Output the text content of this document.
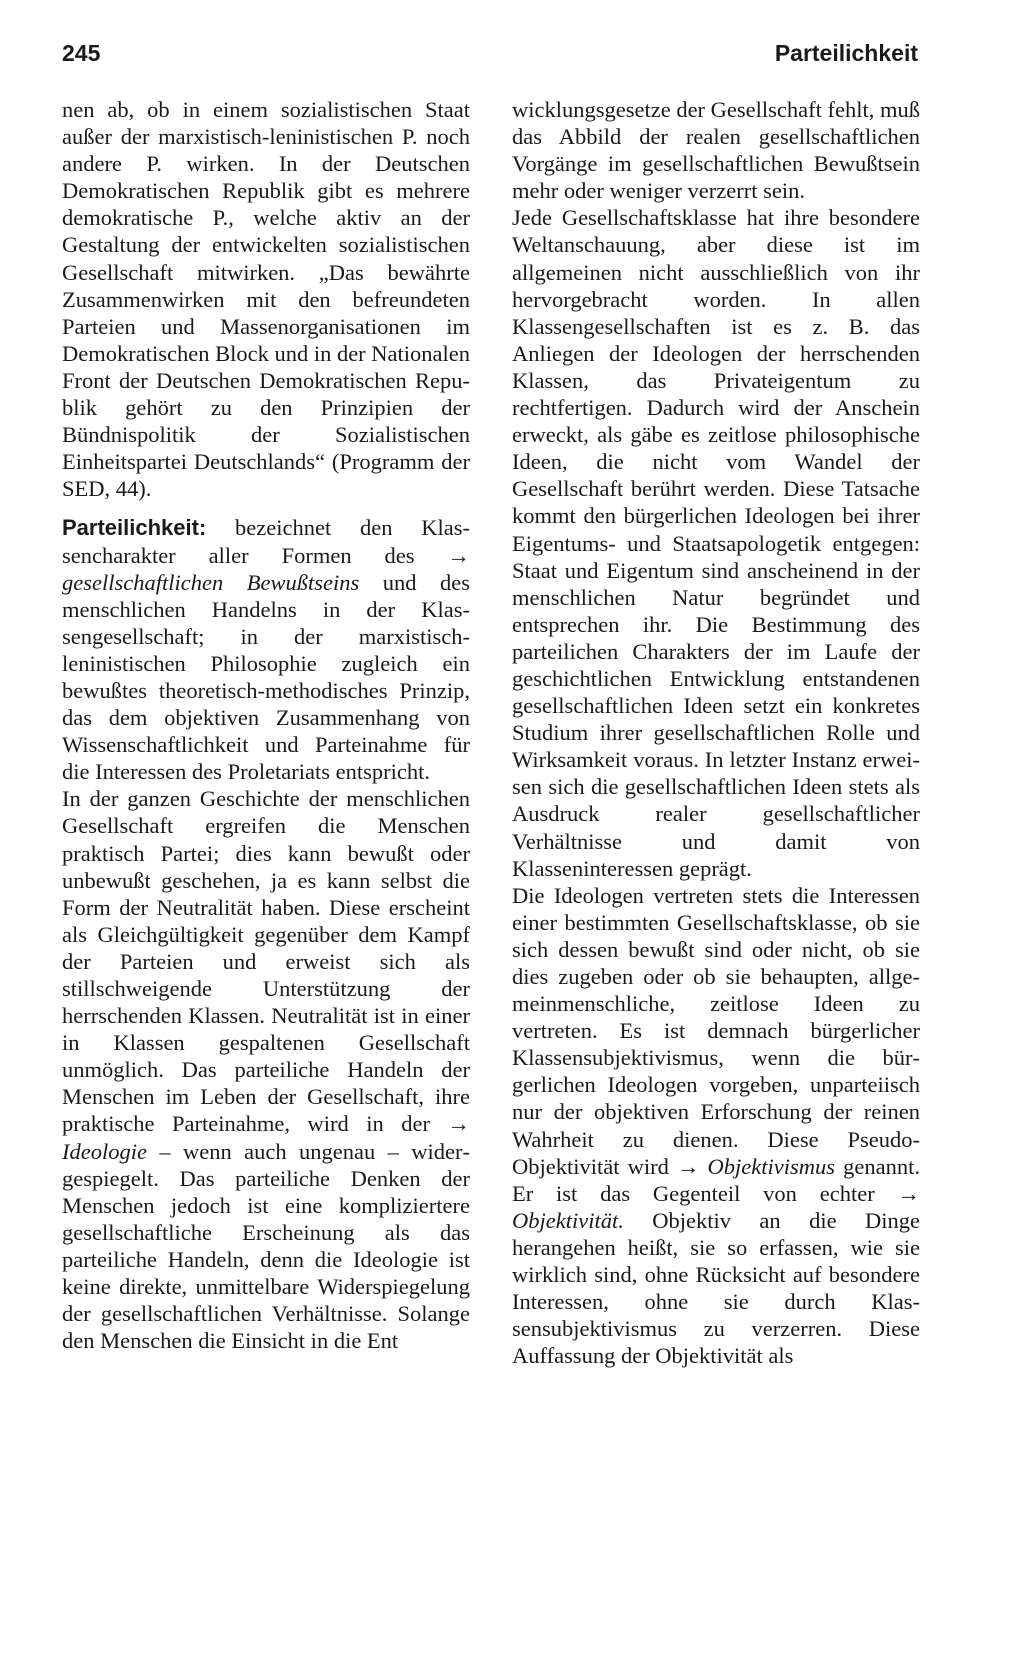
245	Parteilichkeit

nen ab, ob in einem sozialistischen Staat außer der marxistisch-leninistischen P. noch andere P. wirken. In der Deutschen Demokratischen Republik gibt es mehrere demokratische P., welche aktiv an der Gestaltung der entwickelten sozialistischen Gesellschaft mitwirken. „Das bewährte Zusammenwirken mit den befreundeten Parteien und Massenorganisationen im Demokratischen Block und in der Nationalen Front der Deutschen Demokratischen Republik gehört zu den Prinzipien der Bündnispolitik der Sozialistischen Einheitspartei Deutschlands“ (Programm der SED, 44).

Parteilichkeit: bezeichnet den Klassencharakter aller Formen des → gesellschaftlichen Bewußtseins und des menschlichen Handelns in der Klassengesellschaft; in der marxistisch-leninistischen Philosophie zugleich ein bewußtes theoretisch-methodisches Prinzip, das dem objektiven Zusammenhang von Wissenschaftlichkeit und Parteinahme für die Interessen des Proletariats entspricht.

In der ganzen Geschichte der menschlichen Gesellschaft ergreifen die Menschen praktisch Partei; dies kann bewußt oder unbewußt geschehen, ja es kann selbst die Form der Neutralität haben. Diese erscheint als Gleichgültigkeit gegenüber dem Kampf der Parteien und erweist sich als stillschweigende Unterstützung der herrschenden Klassen. Neutralität ist in einer in Klassen gespaltenen Gesellschaft unmöglich. Das parteiliche Handeln der Menschen im Leben der Gesellschaft, ihre praktische Parteinahme, wird in der → Ideologie – wenn auch ungenau – widergespiegelt. Das parteiliche Denken der Menschen jedoch ist eine kompliziertere gesellschaftliche Erscheinung als das parteiliche Handeln, denn die Ideologie ist keine direkte, unmittelbare Widerspiegelung der gesellschaftlichen Verhältnisse. Solange den Menschen die Einsicht in die Ent

wicklungsgesetze der Gesellschaft fehlt, muß das Abbild der realen gesellschaftlichen Vorgänge im gesellschaftlichen Bewußtsein mehr oder weniger verzerrt sein.

Jede Gesellschaftsklasse hat ihre besondere Weltanschauung, aber diese ist im allgemeinen nicht ausschließlich von ihr hervorgebracht worden. In allen Klassengesellschaften ist es z. B. das Anliegen der Ideologen der herrschenden Klassen, das Privateigentum zu rechtfertigen. Dadurch wird der Anschein erweckt, als gäbe es zeitlose philosophische Ideen, die nicht vom Wandel der Gesellschaft berührt werden. Diese Tatsache kommt den bürgerlichen Ideologen bei ihrer Eigentums- und Staatsapologetik entgegen: Staat und Eigentum sind anscheinend in der menschlichen Natur begründet und entsprechen ihr. Die Bestimmung des parteilichen Charakters der im Laufe der geschichtlichen Entwicklung entstandenen gesellschaftlichen Ideen setzt ein konkretes Studium ihrer gesellschaftlichen Rolle und Wirksamkeit voraus. In letzter Instanz erweisen sich die gesellschaftlichen Ideen stets als Ausdruck realer gesellschaftlicher Verhältnisse und damit von Klasseninteressen geprägt.

Die Ideologen vertreten stets die Interessen einer bestimmten Gesellschaftsklasse, ob sie sich dessen bewußt sind oder nicht, ob sie dies zugeben oder ob sie behaupten, allgemeinmenschliche, zeitlose Ideen zu vertreten. Es ist demnach bürgerlicher Klassensubjektivismus, wenn die bürgerlichen Ideologen vorgeben, unparteiisch nur der objektiven Erforschung der reinen Wahrheit zu dienen. Diese Pseudo-Objektivität wird → Objektivismus genannt. Er ist das Gegenteil von echter → Objektivität. Objektiv an die Dinge herangehen heißt, sie so erfassen, wie sie wirklich sind, ohne Rücksicht auf besondere Interessen, ohne sie durch Klassensubjektivismus zu verzerren. Diese Auffassung der Objektivität als
